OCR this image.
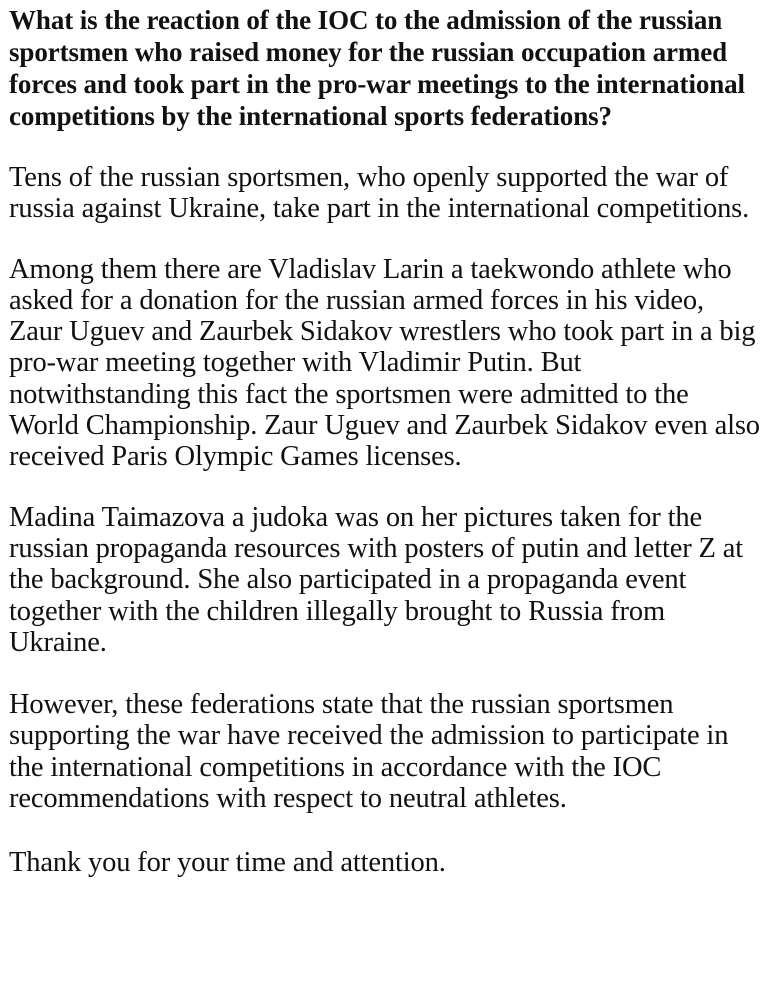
What is the reaction of the IOC to the admission of the russian sportsmen who raised money for the russian occupation armed forces and took part in the pro-war meetings to the international competitions by the international sports federations?

Tens of the russian sportsmen, who openly supported the war of russia against Ukraine, take part in the international competitions.

Among them there are Vladislav Larin a taekwondo athlete who asked for a donation for the russian armed forces in his video, Zaur Uguev and Zaurbek Sidakov wrestlers who took part in a big pro-war meeting together with Vladimir Putin. But notwithstanding this fact the sportsmen were admitted to the World Championship. Zaur Uguev and Zaurbek Sidakov even also received Paris Olympic Games licenses.

Madina Taimazova a judoka was on her pictures taken for the russian propaganda resources with posters of putin and letter Z at the background. She also participated in a propaganda event together with the children illegally brought to Russia from Ukraine.

However, these federations state that the russian sportsmen supporting the war have received the admission to participate in the international competitions in accordance with the IOC recommendations with respect to neutral athletes.

Thank you for your time and attention.
